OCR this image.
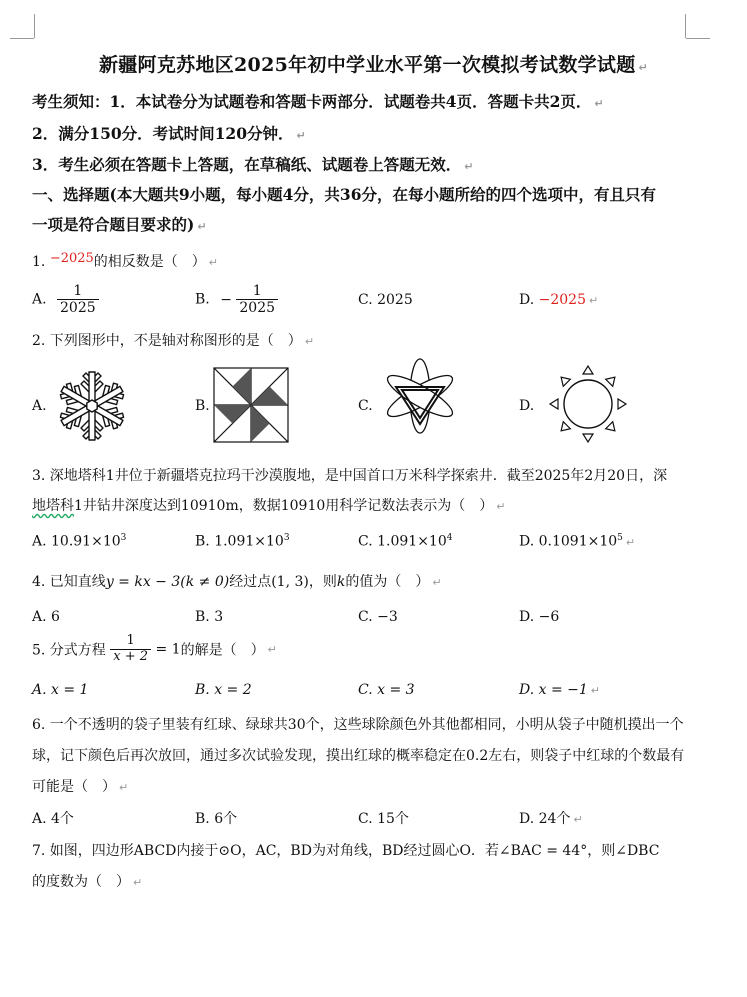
新疆阿克苏地区2025年初中学业水平第一次模拟考试数学试题 ↵
考生须知：1．本试卷分为试题卷和答题卡两部分．试题卷共4页．答题卡共2页． ↵
2．满分150分．考试时间120分钟． ↵
3．考生必须在答题卡上答题，在草稿纸、试题卷上答题无效． ↵
一、选择题(本大题共9小题，每小题4分，共36分，在每小题所给的四个选项中，有且只有
一项是符合题目要求的) ↵
1. −2025的相反数是（　） ↵
A. $\frac{1}{2025}$	B. − $\frac{1}{2025}$	C. 2025	D. −2025 ↵
2. 下列图形中，不是轴对称图形的是（　） ↵
A.	B.	C.	D.
3. 深地塔科1井位于新疆塔克拉玛干沙漠腹地，是中国首口万米科学探索井．截至2025年2月20日，深
地塔科1井钻井深度达到10910m，数据10910用科学记数法表示为（　） ↵
A. $10.91\times 10^3$	B. $1.091\times 10^3$	C. $1.091\times 10^4$	D. $0.1091\times 10^5$ ↵
4. 已知直线y = kx − 3(k ≠ 0)经过点(1, 3)，则k的值为（　） ↵
A. 6	B. 3	C. −3	D. −6
5. 分式方程 $\frac{1}{x + 2} = 1$的解是（　） ↵
A. x = 1	B. x = 2	C. x = 3	D. x = −1 ↵
6. 一个不透明的袋子里装有红球、绿球共30个，这些球除颜色外其他都相同，小明从袋子中随机摸出一个
球，记下颜色后再次放回，通过多次试验发现，摸出红球的概率稳定在0.2左右，则袋子中红球的个数最有
可能是（　） ↵
A. 4个	B. 6个	C. 15个	D. 24个 ↵
7. 如图，四边形ABCD内接于⊙O，AC，BD为对角线，BD经过圆心O．若∠BAC = 44°，则∠DBC
的度数为（　） ↵
